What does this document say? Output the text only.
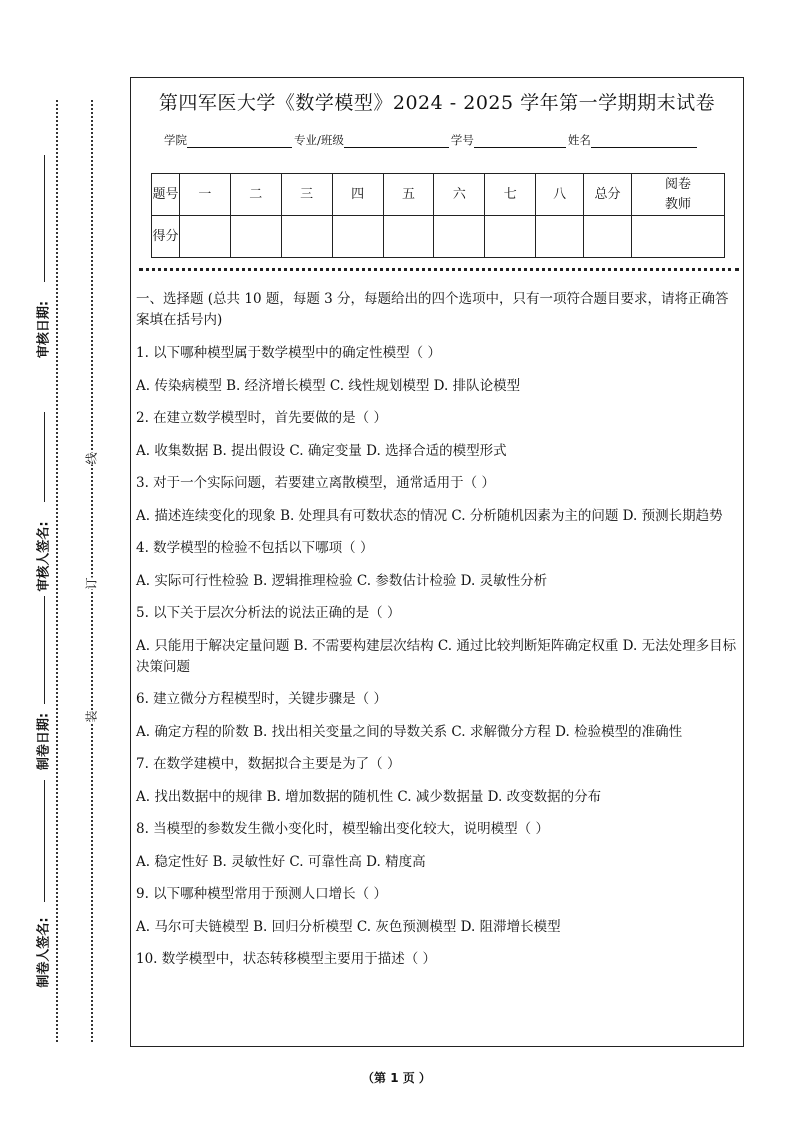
审核日期:
审核人签名:
制卷日期:
制卷人签名:
线
订
装
第四军医大学《数学模型》2024 - 2025 学年第一学期期末试卷
学院	专业/班级	学号	姓名
题号	一	二	三	四	五	六	七	八	总分	阅卷教师
得分										

一、选择题 (总共 10 题，每题 3 分，每题给出的四个选项中，只有一项符合题目要求，请将正确答案填在括号内)

1. 以下哪种模型属于数学模型中的确定性模型（ ）

A. 传染病模型 B. 经济增长模型 C. 线性规划模型 D. 排队论模型

2. 在建立数学模型时，首先要做的是（ ）

A. 收集数据 B. 提出假设 C. 确定变量 D. 选择合适的模型形式

3. 对于一个实际问题，若要建立离散模型，通常适用于（ ）

A. 描述连续变化的现象 B. 处理具有可数状态的情况 C. 分析随机因素为主的问题 D. 预测长期趋势

4. 数学模型的检验不包括以下哪项（ ）

A. 实际可行性检验 B. 逻辑推理检验 C. 参数估计检验 D. 灵敏性分析

5. 以下关于层次分析法的说法正确的是（ ）

A. 只能用于解决定量问题 B. 不需要构建层次结构 C. 通过比较判断矩阵确定权重 D. 无法处理多目标决策问题

6. 建立微分方程模型时，关键步骤是（ ）

A. 确定方程的阶数 B. 找出相关变量之间的导数关系 C. 求解微分方程 D. 检验模型的准确性

7. 在数学建模中，数据拟合主要是为了（ ）

A. 找出数据中的规律 B. 增加数据的随机性 C. 减少数据量 D. 改变数据的分布

8. 当模型的参数发生微小变化时，模型输出变化较大，说明模型（ ）

A. 稳定性好 B. 灵敏性好 C. 可靠性高 D. 精度高

9. 以下哪种模型常用于预测人口增长（ ）

A. 马尔可夫链模型 B. 回归分析模型 C. 灰色预测模型 D. 阻滞增长模型

10. 数学模型中，状态转移模型主要用于描述（ ）

（第 1 页 ）
